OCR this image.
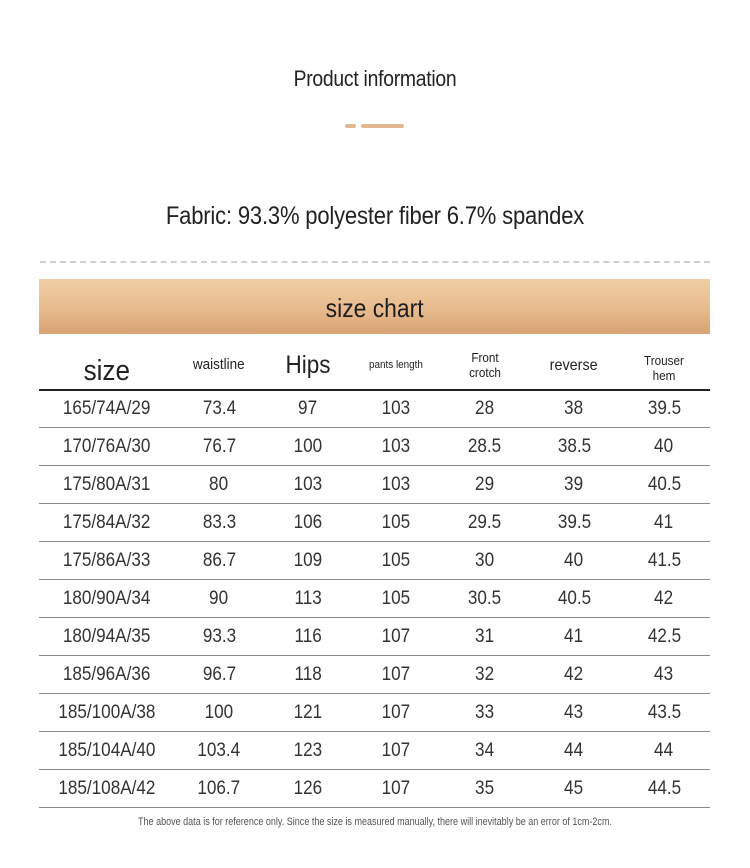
Product information
Fabric: 93.3% polyester fiber 6.7% spandex
size chart
size	waistline	Hips	pants length	Front crotch	reverse	Trouser hem
165/74A/29	73.4	97	103	28	38	39.5
170/76A/30	76.7	100	103	28.5	38.5	40
175/80A/31	80	103	103	29	39	40.5
175/84A/32	83.3	106	105	29.5	39.5	41
175/86A/33	86.7	109	105	30	40	41.5
180/90A/34	90	113	105	30.5	40.5	42
180/94A/35	93.3	116	107	31	41	42.5
185/96A/36	96.7	118	107	32	42	43
185/100A/38	100	121	107	33	43	43.5
185/104A/40	103.4	123	107	34	44	44
185/108A/42	106.7	126	107	35	45	44.5
The above data is for reference only. Since the size is measured manually, there will inevitably be an error of 1cm-2cm.
